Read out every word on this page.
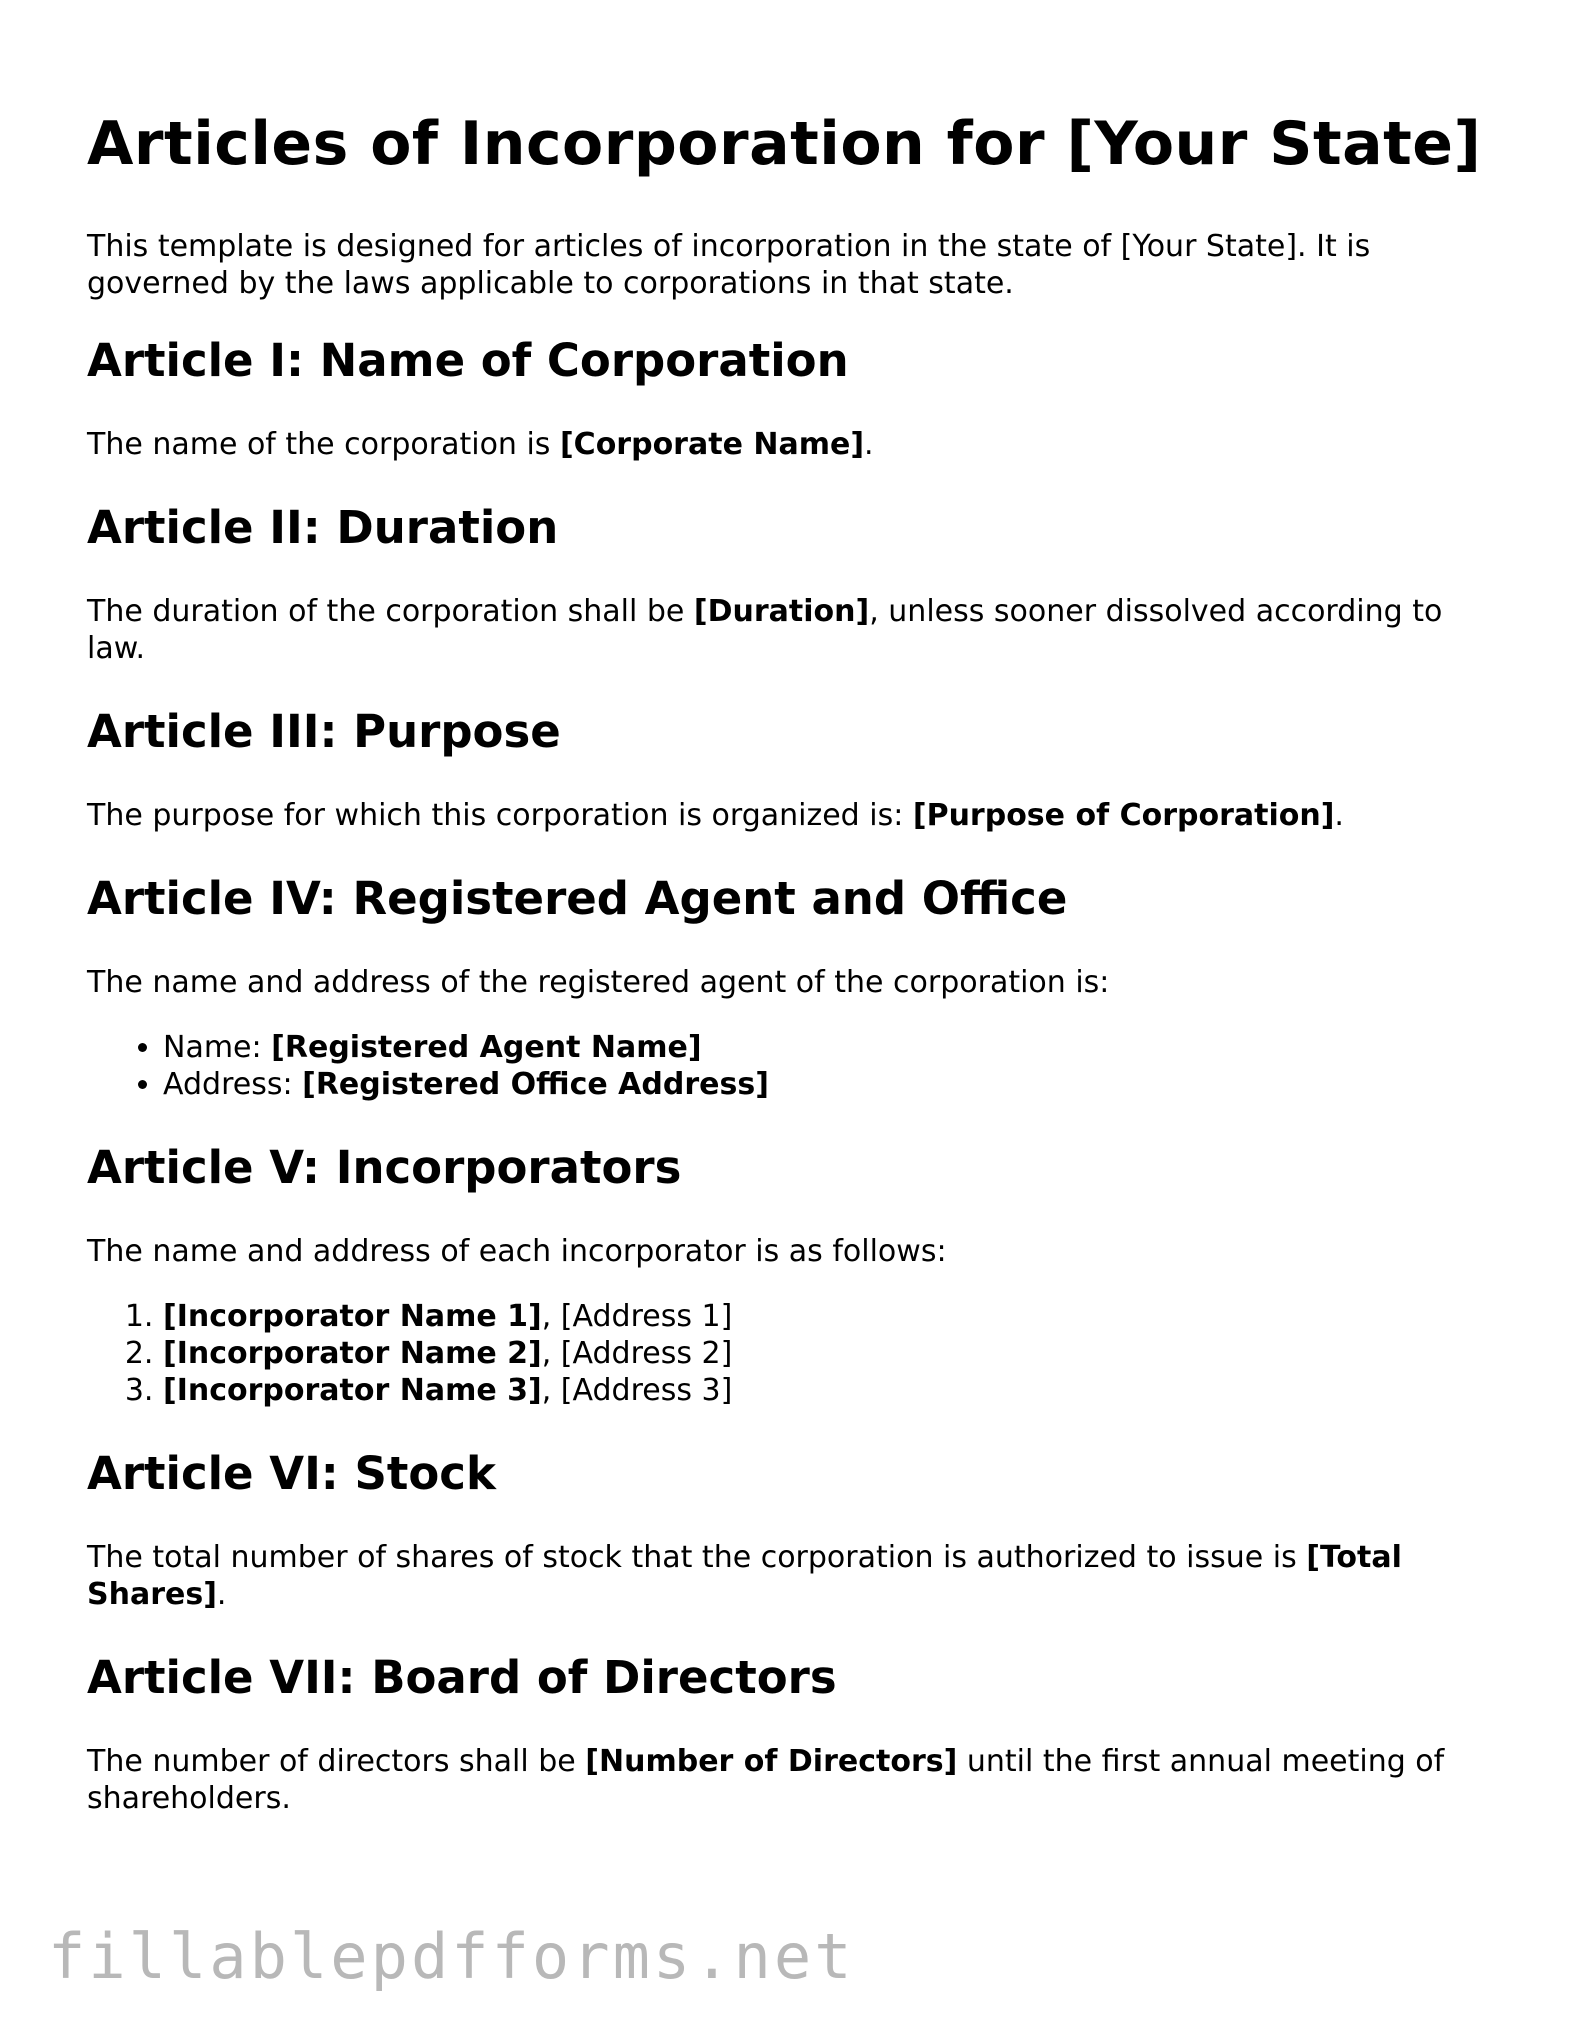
Articles of Incorporation for [Your State]

This template is designed for articles of incorporation in the state of [Your State]. It is governed by the laws applicable to corporations in that state.

Article I: Name of Corporation

The name of the corporation is [Corporate Name].

Article II: Duration

The duration of the corporation shall be [Duration], unless sooner dissolved according to law.

Article III: Purpose

The purpose for which this corporation is organized is: [Purpose of Corporation].

Article IV: Registered Agent and Office

The name and address of the registered agent of the corporation is:

• Name: [Registered Agent Name]
• Address: [Registered Office Address]
Article V: Incorporators

The name and address of each incorporator is as follows:

1. [Incorporator Name 1], [Address 1]
2. [Incorporator Name 2], [Address 2]
3. [Incorporator Name 3], [Address 3]
Article VI: Stock

The total number of shares of stock that the corporation is authorized to issue is [Total Shares].

Article VII: Board of Directors

The number of directors shall be [Number of Directors] until the first annual meeting of shareholders.

fillablepdfforms.net
